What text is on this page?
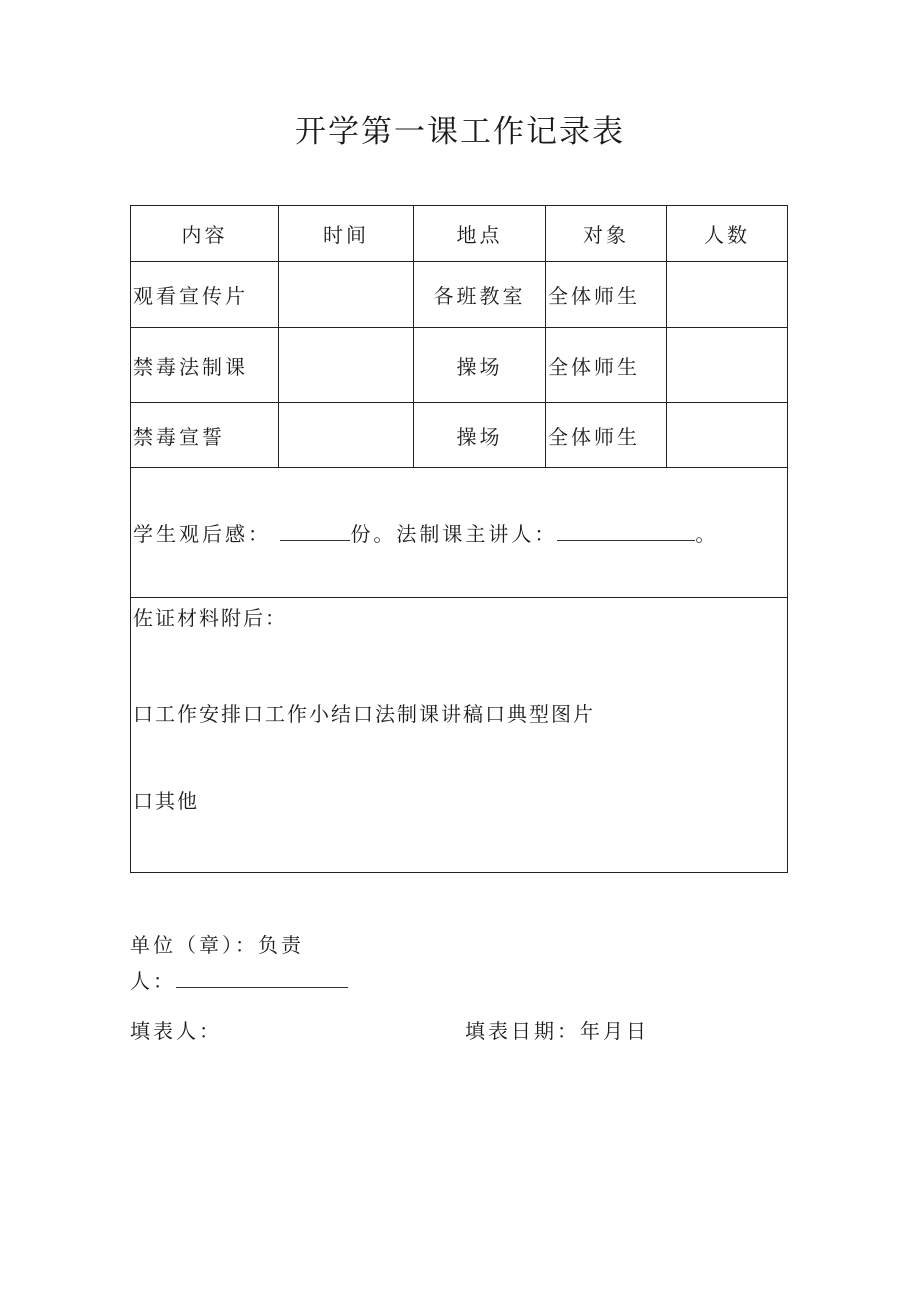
开学第一课工作记录表
内容	时间	地点	对象	人数
观看宣传片		各班教室	全体师生	
禁毒法制课		操场	全体师生	
禁毒宣誓		操场	全体师生	
学生观后感： 份。法制课主讲人： 。				

佐证材料附后：
口工作安排口工作小结口法制课讲稿口典型图片
口其他				
单位（章）：负责
人：
填表人：	填表日期：年月日
